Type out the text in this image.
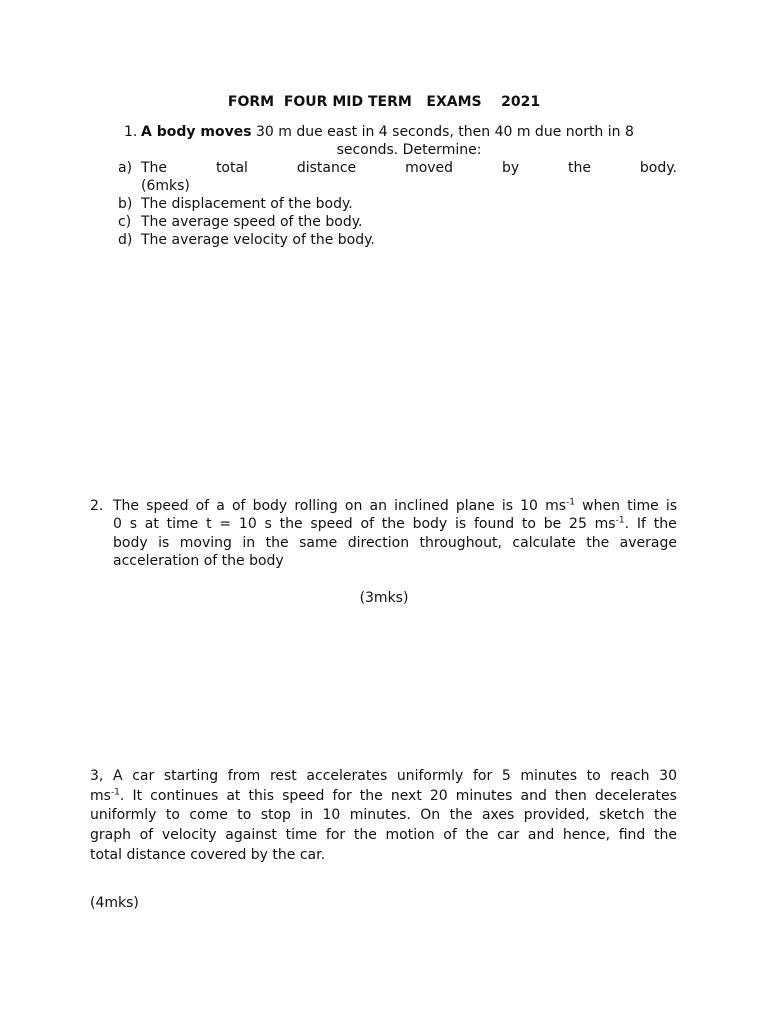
FORM  FOUR MID TERM   EXAMS    2021
1. A body moves 30 m due east in 4 seconds, then 40 m due north in 8
seconds. Determine:
a) The	total	distance	moved	by	the	body.
(6mks)
b) The displacement of the body.
c) The average speed of the body.
d) The average velocity of the body.
2. The speed of a of body rolling on an inclined plane is 10 $ms^{-1}$ when time is
0 s at time t = 10 s the speed of the body is found to be 25 $ms^{-1}$. If the
body is moving in the same direction throughout, calculate the average
acceleration of the body
(3mks)
3, A car starting from rest accelerates uniformly for 5 minutes to reach 30
$ms^{-1}$. It continues at this speed for the next 20 minutes and then decelerates
uniformly to come to stop in 10 minutes. On the axes provided, sketch the
graph of velocity against time for the motion of the car and hence, find the
total distance covered by the car.
(4mks)
